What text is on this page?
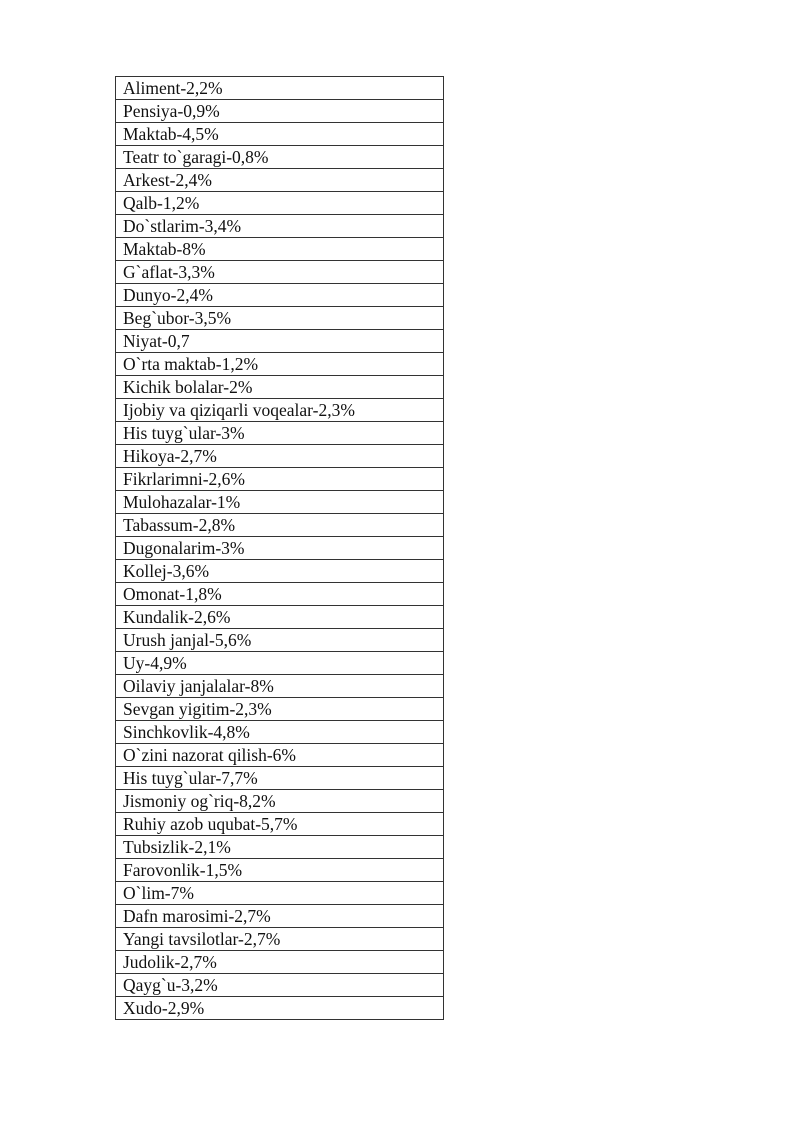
Aliment-2,2%
Pensiya-0,9%
Maktab-4,5%
Teatr to`garagi-0,8%
Arkest-2,4%
Qalb-1,2%
Do`stlarim-3,4%
Maktab-8%
G`aflat-3,3%
Dunyo-2,4%
Beg`ubor-3,5%
Niyat-0,7
O`rta maktab-1,2%
Kichik bolalar-2%
Ijobiy va qiziqarli voqealar-2,3%
His tuyg`ular-3%
Hikoya-2,7%
Fikrlarimni-2,6%
Mulohazalar-1%
Tabassum-2,8%
Dugonalarim-3%
Kollej-3,6%
Omonat-1,8%
Kundalik-2,6%
Urush janjal-5,6%
Uy-4,9%
Oilaviy janjalalar-8%
Sevgan yigitim-2,3%
Sinchkovlik-4,8%
O`zini nazorat qilish-6%
His tuyg`ular-7,7%
Jismoniy og`riq-8,2%
Ruhiy azob uqubat-5,7%
Tubsizlik-2,1%
Farovonlik-1,5%
O`lim-7%
Dafn marosimi-2,7%
Yangi tavsilotlar-2,7%
Judolik-2,7%
Qayg`u-3,2%
Xudo-2,9%
